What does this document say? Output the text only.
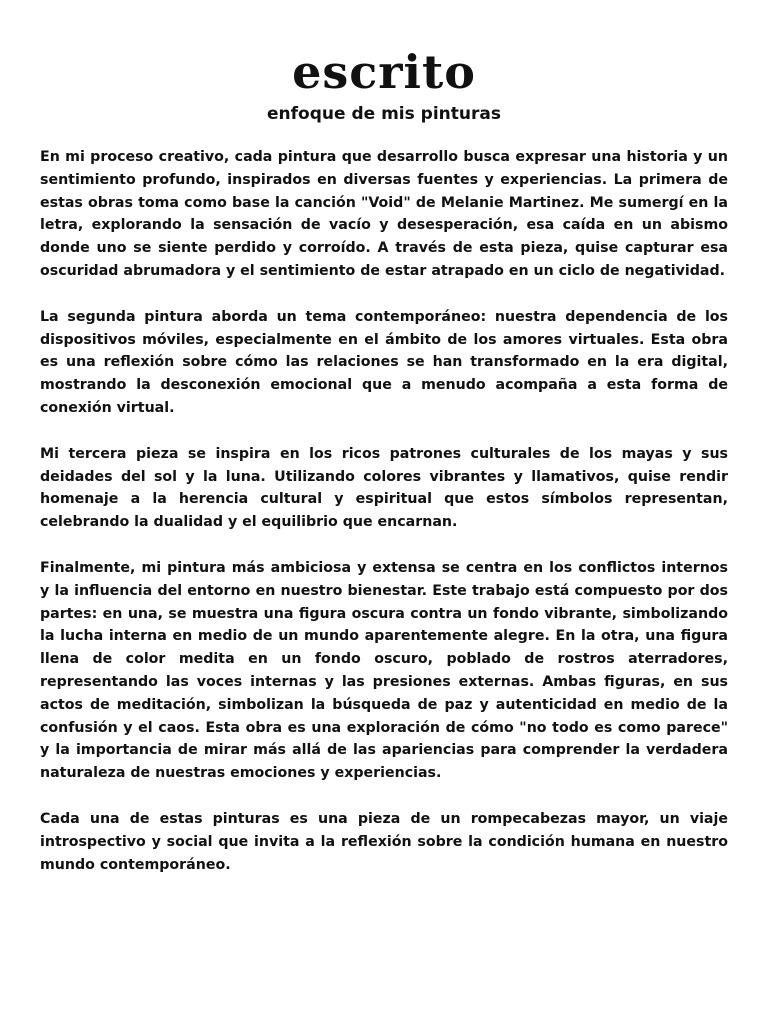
escrito
enfoque de mis pinturas

En mi proceso creativo, cada pintura que desarrollo busca expresar una historia y un sentimiento profundo, inspirados en diversas fuentes y experiencias. La primera de estas obras toma como base la canción "Void" de Melanie Martinez. Me sumergí en la letra, explorando la sensación de vacío y desesperación, esa caída en un abismo donde uno se siente perdido y corroído. A través de esta pieza, quise capturar esa oscuridad abrumadora y el sentimiento de estar atrapado en un ciclo de negatividad.

La segunda pintura aborda un tema contemporáneo: nuestra dependencia de los dispositivos móviles, especialmente en el ámbito de los amores virtuales. Esta obra es una reflexión sobre cómo las relaciones se han transformado en la era digital, mostrando la desconexión emocional que a menudo acompaña a esta forma de conexión virtual.

Mi tercera pieza se inspira en los ricos patrones culturales de los mayas y sus deidades del sol y la luna. Utilizando colores vibrantes y llamativos, quise rendir homenaje a la herencia cultural y espiritual que estos símbolos representan, celebrando la dualidad y el equilibrio que encarnan.

Finalmente, mi pintura más ambiciosa y extensa se centra en los conflictos internos y la influencia del entorno en nuestro bienestar. Este trabajo está compuesto por dos partes: en una, se muestra una figura oscura contra un fondo vibrante, simbolizando la lucha interna en medio de un mundo aparentemente alegre. En la otra, una figura llena de color medita en un fondo oscuro, poblado de rostros aterradores, representando las voces internas y las presiones externas. Ambas figuras, en sus actos de meditación, simbolizan la búsqueda de paz y autenticidad en medio de la confusión y el caos. Esta obra es una exploración de cómo "no todo es como parece" y la importancia de mirar más allá de las apariencias para comprender la verdadera naturaleza de nuestras emociones y experiencias.

Cada una de estas pinturas es una pieza de un rompecabezas mayor, un viaje introspectivo y social que invita a la reflexión sobre la condición humana en nuestro mundo contemporáneo.
